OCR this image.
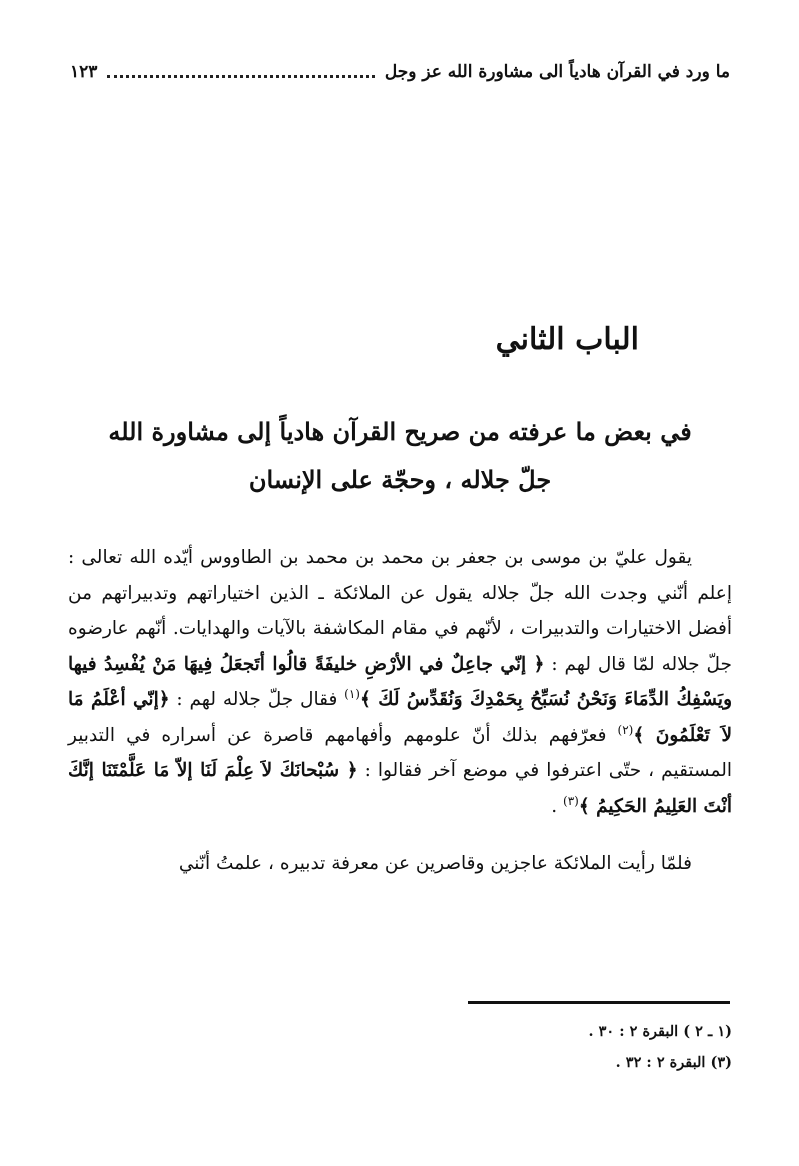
ما ورد في القرآن هادياً الى مشاورة الله عز وجل
١٢٣
الباب الثاني
في بعض ما عرفته من صريح القرآن هادياً إلى مشاورة الله
جلّ جلاله ، وحجّة على الإنسان

يقول عليّ بن موسى بن جعفر بن محمد بن محمد بن الطاووس أيّده الله تعالى : إعلم أنّني وجدت الله جلّ جلاله يقول عن الملائكة ـ الذين اختياراتهم وتدبيراتهم من أفضل الاختيارات والتدبيرات ، لأنّهم في مقام المكاشفة بالآيات والهدايات. أنّهم عارضوه جلّ جلاله لمّا قال لهم : ﴿ إنّي جاعِلٌ في الأرْضِ خليفَةً قالُوا أتَجعَلُ فِيهَا مَنْ يُفْسِدُ فيها ويَسْفِكُ الدِّمَاءَ وَنَحْنُ نُسَبِّحُ بِحَمْدِكَ وَنُقَدِّسُ لَكَ ﴾$^{(١)}$ فقال جلّ جلاله لهم : ﴿إنّي أعْلَمُ مَا لاَ تَعْلَمُونَ ﴾$^{(٢)}$ فعرّفهم بذلك أنّ علومهم وأفهامهم قاصرة عن أسراره في التدبير المستقيم ، حتّى اعترفوا في موضع آخر فقالوا : ﴿ سُبْحانَكَ لاَ عِلْمَ لَنَا إلاّ مَا عَلَّمْتَنَا إنَّكَ أنْتَ العَلِيمُ الحَكِيمُ ﴾$^{(٣)}$ .

فلمّا رأيت الملائكة عاجزين وقاصرين عن معرفة تدبيره ، علمتُ أنّني

(١ ـ ٢ ) البقرة ٢ : ٣٠ .
(٣) البقرة ٢ : ٣٢ .
